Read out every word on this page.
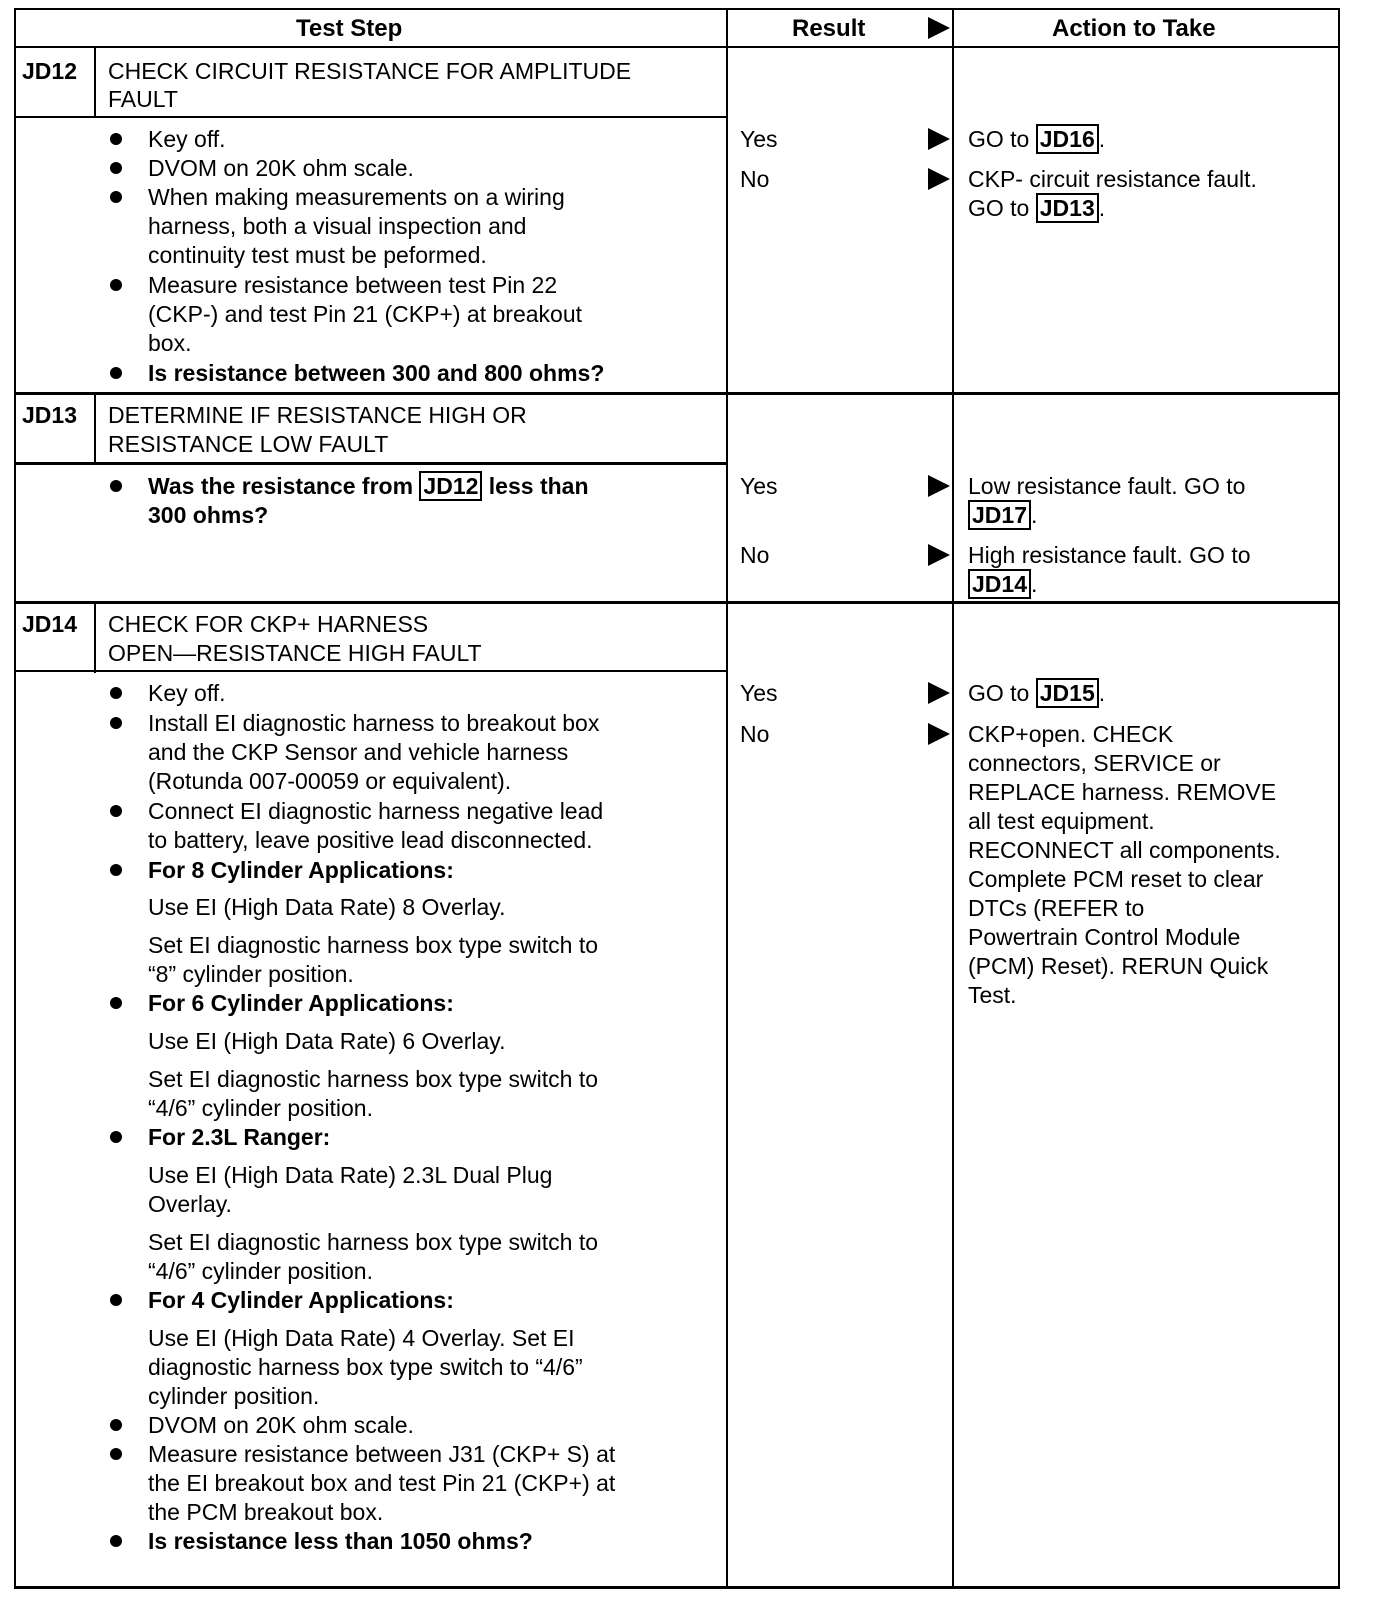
Test Step	Result	Action to Take
JD12 CHECK CIRCUIT RESISTANCE FOR AMPLITUDE
FAULT
Key off.
DVOM on 20K ohm scale.
When making measurements on a wiring
harness, both a visual inspection and
continuity test must be peformed.
Measure resistance between test Pin 22
(CKP-) and test Pin 21 (CKP+) at breakout
box.
Is resistance between 300 and 800 ohms?
Yes	GO to JD16 .
No	CKP- circuit resistance fault.
GO to JD13 .
JD13 DETERMINE IF RESISTANCE HIGH OR
RESISTANCE LOW FAULT
Was the resistance from JD12 less than
300 ohms?
Yes	Low resistance fault. GO to
JD17 .
No	High resistance fault. GO to
JD14 .
JD14 CHECK FOR CKP+ HARNESS
OPEN—RESISTANCE HIGH FAULT
Key off.
Install EI diagnostic harness to breakout box
and the CKP Sensor and vehicle harness
(Rotunda 007-00059 or equivalent).
Connect EI diagnostic harness negative lead
to battery, leave positive lead disconnected.
For 8 Cylinder Applications:
Use EI (High Data Rate) 8 Overlay.
Set EI diagnostic harness box type switch to
“8” cylinder position.
For 6 Cylinder Applications:
Use EI (High Data Rate) 6 Overlay.
Set EI diagnostic harness box type switch to
“4/6” cylinder position.
For 2.3L Ranger:
Use EI (High Data Rate) 2.3L Dual Plug
Overlay.
Set EI diagnostic harness box type switch to
“4/6” cylinder position.
For 4 Cylinder Applications:
Use EI (High Data Rate) 4 Overlay. Set EI
diagnostic harness box type switch to “4/6”
cylinder position.
DVOM on 20K ohm scale.
Measure resistance between J31 (CKP+ S) at
the EI breakout box and test Pin 21 (CKP+) at
the PCM breakout box.
Is resistance less than 1050 ohms?
Yes	GO to JD15 .
No	CKP+open. CHECK
connectors, SERVICE or
REPLACE harness. REMOVE
all test equipment.
RECONNECT all components.
Complete PCM reset to clear
DTCs (REFER to
Powertrain Control Module
(PCM) Reset). RERUN Quick
Test.
